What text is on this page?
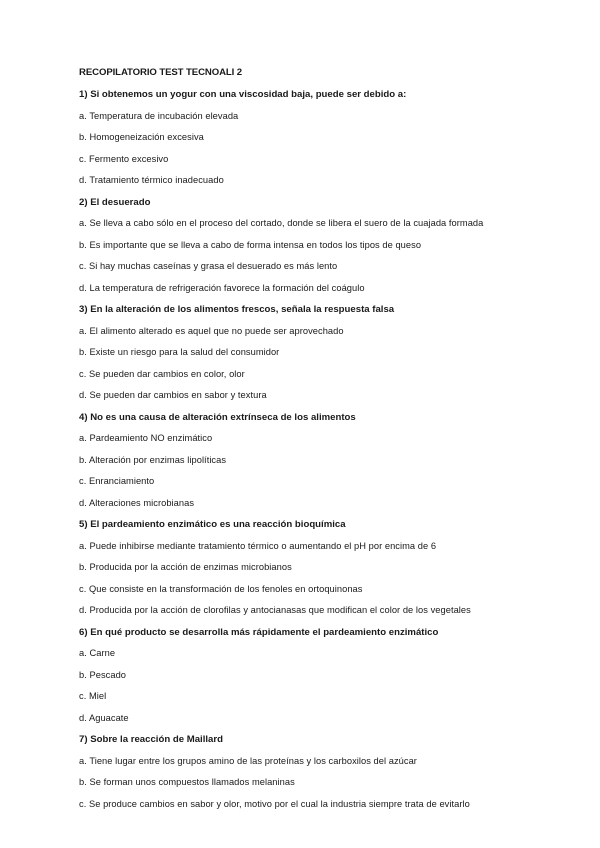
RECOPILATORIO TEST TECNOALI 2
1) Si obtenemos un yogur con una viscosidad baja, puede ser debido a:
a. Temperatura de incubación elevada
b. Homogeneización excesiva
c. Fermento excesivo
d. Tratamiento térmico inadecuado
2) El desuerado
a. Se lleva a cabo sólo en el proceso del cortado, donde se libera el suero de la cuajada formada
b. Es importante que se lleva a cabo de forma intensa en todos los tipos de queso
c. Si hay muchas caseínas y grasa el desuerado es más lento
d. La temperatura de refrigeración favorece la formación del coágulo
3) En la alteración de los alimentos frescos, señala la respuesta falsa
a. El alimento alterado es aquel que no puede ser aprovechado
b. Existe un riesgo para la salud del consumidor
c. Se pueden dar cambios en color, olor
d. Se pueden dar cambios en sabor y textura
4) No es una causa de alteración extrínseca de los alimentos
a. Pardeamiento NO enzimático
b. Alteración por enzimas lipolíticas
c. Enranciamiento
d. Alteraciones microbianas
5) El pardeamiento enzimático es una reacción bioquímica
a. Puede inhibirse mediante tratamiento térmico o aumentando el pH por encima de 6
b. Producida por la acción de enzimas microbianos
c. Que consiste en la transformación de los fenoles en ortoquinonas
d. Producida por la acción de clorofilas y antocianasas que modifican el color de los vegetales
6) En qué producto se desarrolla más rápidamente el pardeamiento enzimático
a. Carne
b. Pescado
c. Miel
d. Aguacate
7) Sobre la reacción de Maillard
a. Tiene lugar entre los grupos amino de las proteínas y los carboxilos del azúcar
b. Se forman unos compuestos llamados melaninas
c. Se produce cambios en sabor y olor, motivo por el cual la industria siempre trata de evitarlo
